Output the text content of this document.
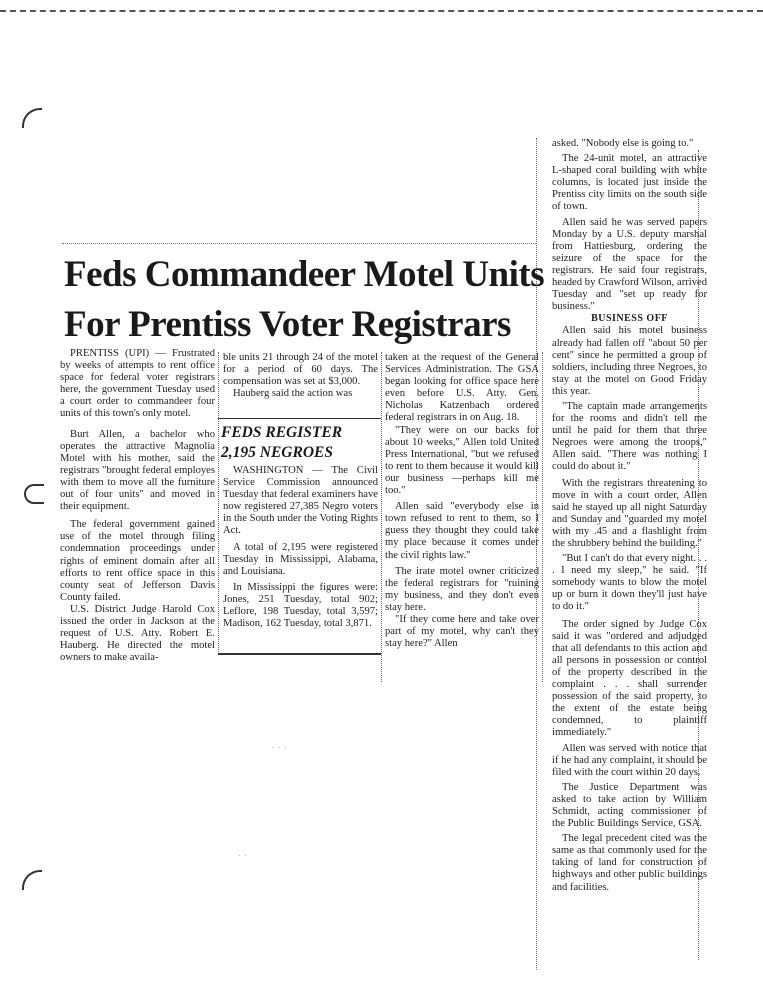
Feds Commandeer Motel Units
For Prentiss Voter Registrars

PRENTISS (UPI) — Frustrated by weeks of attempts to rent office space for federal voter registrars here, the government Tuesday used a court order to commandeer four units of this town's only motel.

Burt Allen, a bachelor who operates the attractive Magnolia Motel with his mother, said the registrars "brought federal employes with them to move all the furniture out of four units" and moved in their equipment.

The federal government gained use of the motel through filing condemnation proceedings under rights of eminent domain after all efforts to rent office space in this county seat of Jefferson Davis County failed.

U.S. District Judge Harold Cox issued the order in Jackson at the request of U.S. Atty. Robert E. Hauberg. He directed the motel owners to make availa-

ble units 21 through 24 of the motel for a period of 60 days. The compensation was set at $3,000.

Hauberg said the action was

FEDS REGISTER
2,195 NEGROES

WASHINGTON — The Civil Service Commission announced Tuesday that federal examiners have now registered 27,385 Negro voters in the South under the Voting Rights Act.

A total of 2,195 were registered Tuesday in Mississippi, Alabama, and Louisiana.

In Mississippi the figures were: Jones, 251 Tuesday, total 902; Leflore, 198 Tuesday, total 3,597; Madison, 162 Tuesday, total 3,871.

taken at the request of the General Services Administration. The GSA began looking for office space here even before U.S. Atty. Gen. Nicholas Katzenbach ordered federal registrars in on Aug. 18.

"They were on our backs for about 10 weeks," Allen told United Press International, "but we refused to rent to them because it would kill our business —perhaps kill me too."

Allen said "everybody else in town refused to rent to them, so I guess they thought they could take my place because it comes under the civil rights law."

The irate motel owner criticized the federal registrars for "ruining my business, and they don't even stay here.

"If they come here and take over part of my motel, why can't they stay here?" Allen

asked. "Nobody else is going to."

The 24-unit motel, an attractive L-shaped coral building with white columns, is located just inside the Prentiss city limits on the south side of town.

Allen said he was served papers Monday by a U.S. deputy marshal from Hattiesburg, ordering the seizure of the space for the registrars. He said four registrars, headed by Crawford Wilson, arrived Tuesday and "set up ready for business."

BUSINESS OFF

Allen said his motel business already had fallen off "about 50 per cent" since he permitted a group of soldiers, including three Negroes, to stay at the motel on Good Friday this year.

"The captain made arrangements for the rooms and didn't tell me until he paid for them that three Negroes were among the troops," Allen said. "There was nothing I could do about it."

With the registrars threatening to move in with a court order, Allen said he stayed up all night Saturday and Sunday and "guarded my motel with my .45 and a flashlight from the shrubbery behind the building."

"But I can't do that every night. . . . I need my sleep," he said. "If somebody wants to blow the motel up or burn it down they'll just have to do it."

The order signed by Judge Cox said it was "ordered and adjudged that all defendants to this action and all persons in possession or control of the property described in the complaint . . . shall surrender possession of the said property, to the extent of the estate being condemned, to plaintiff immediately."

Allen was served with notice that if he had any complaint, it should be filed with the court within 20 days.

The Justice Department was asked to take action by William Schmidt, acting commissioner of the Public Buildings Service, GSA.

The legal precedent cited was the same as that commonly used for the taking of land for construction of highways and other public buildings and facilities.

· · ·
· ·
